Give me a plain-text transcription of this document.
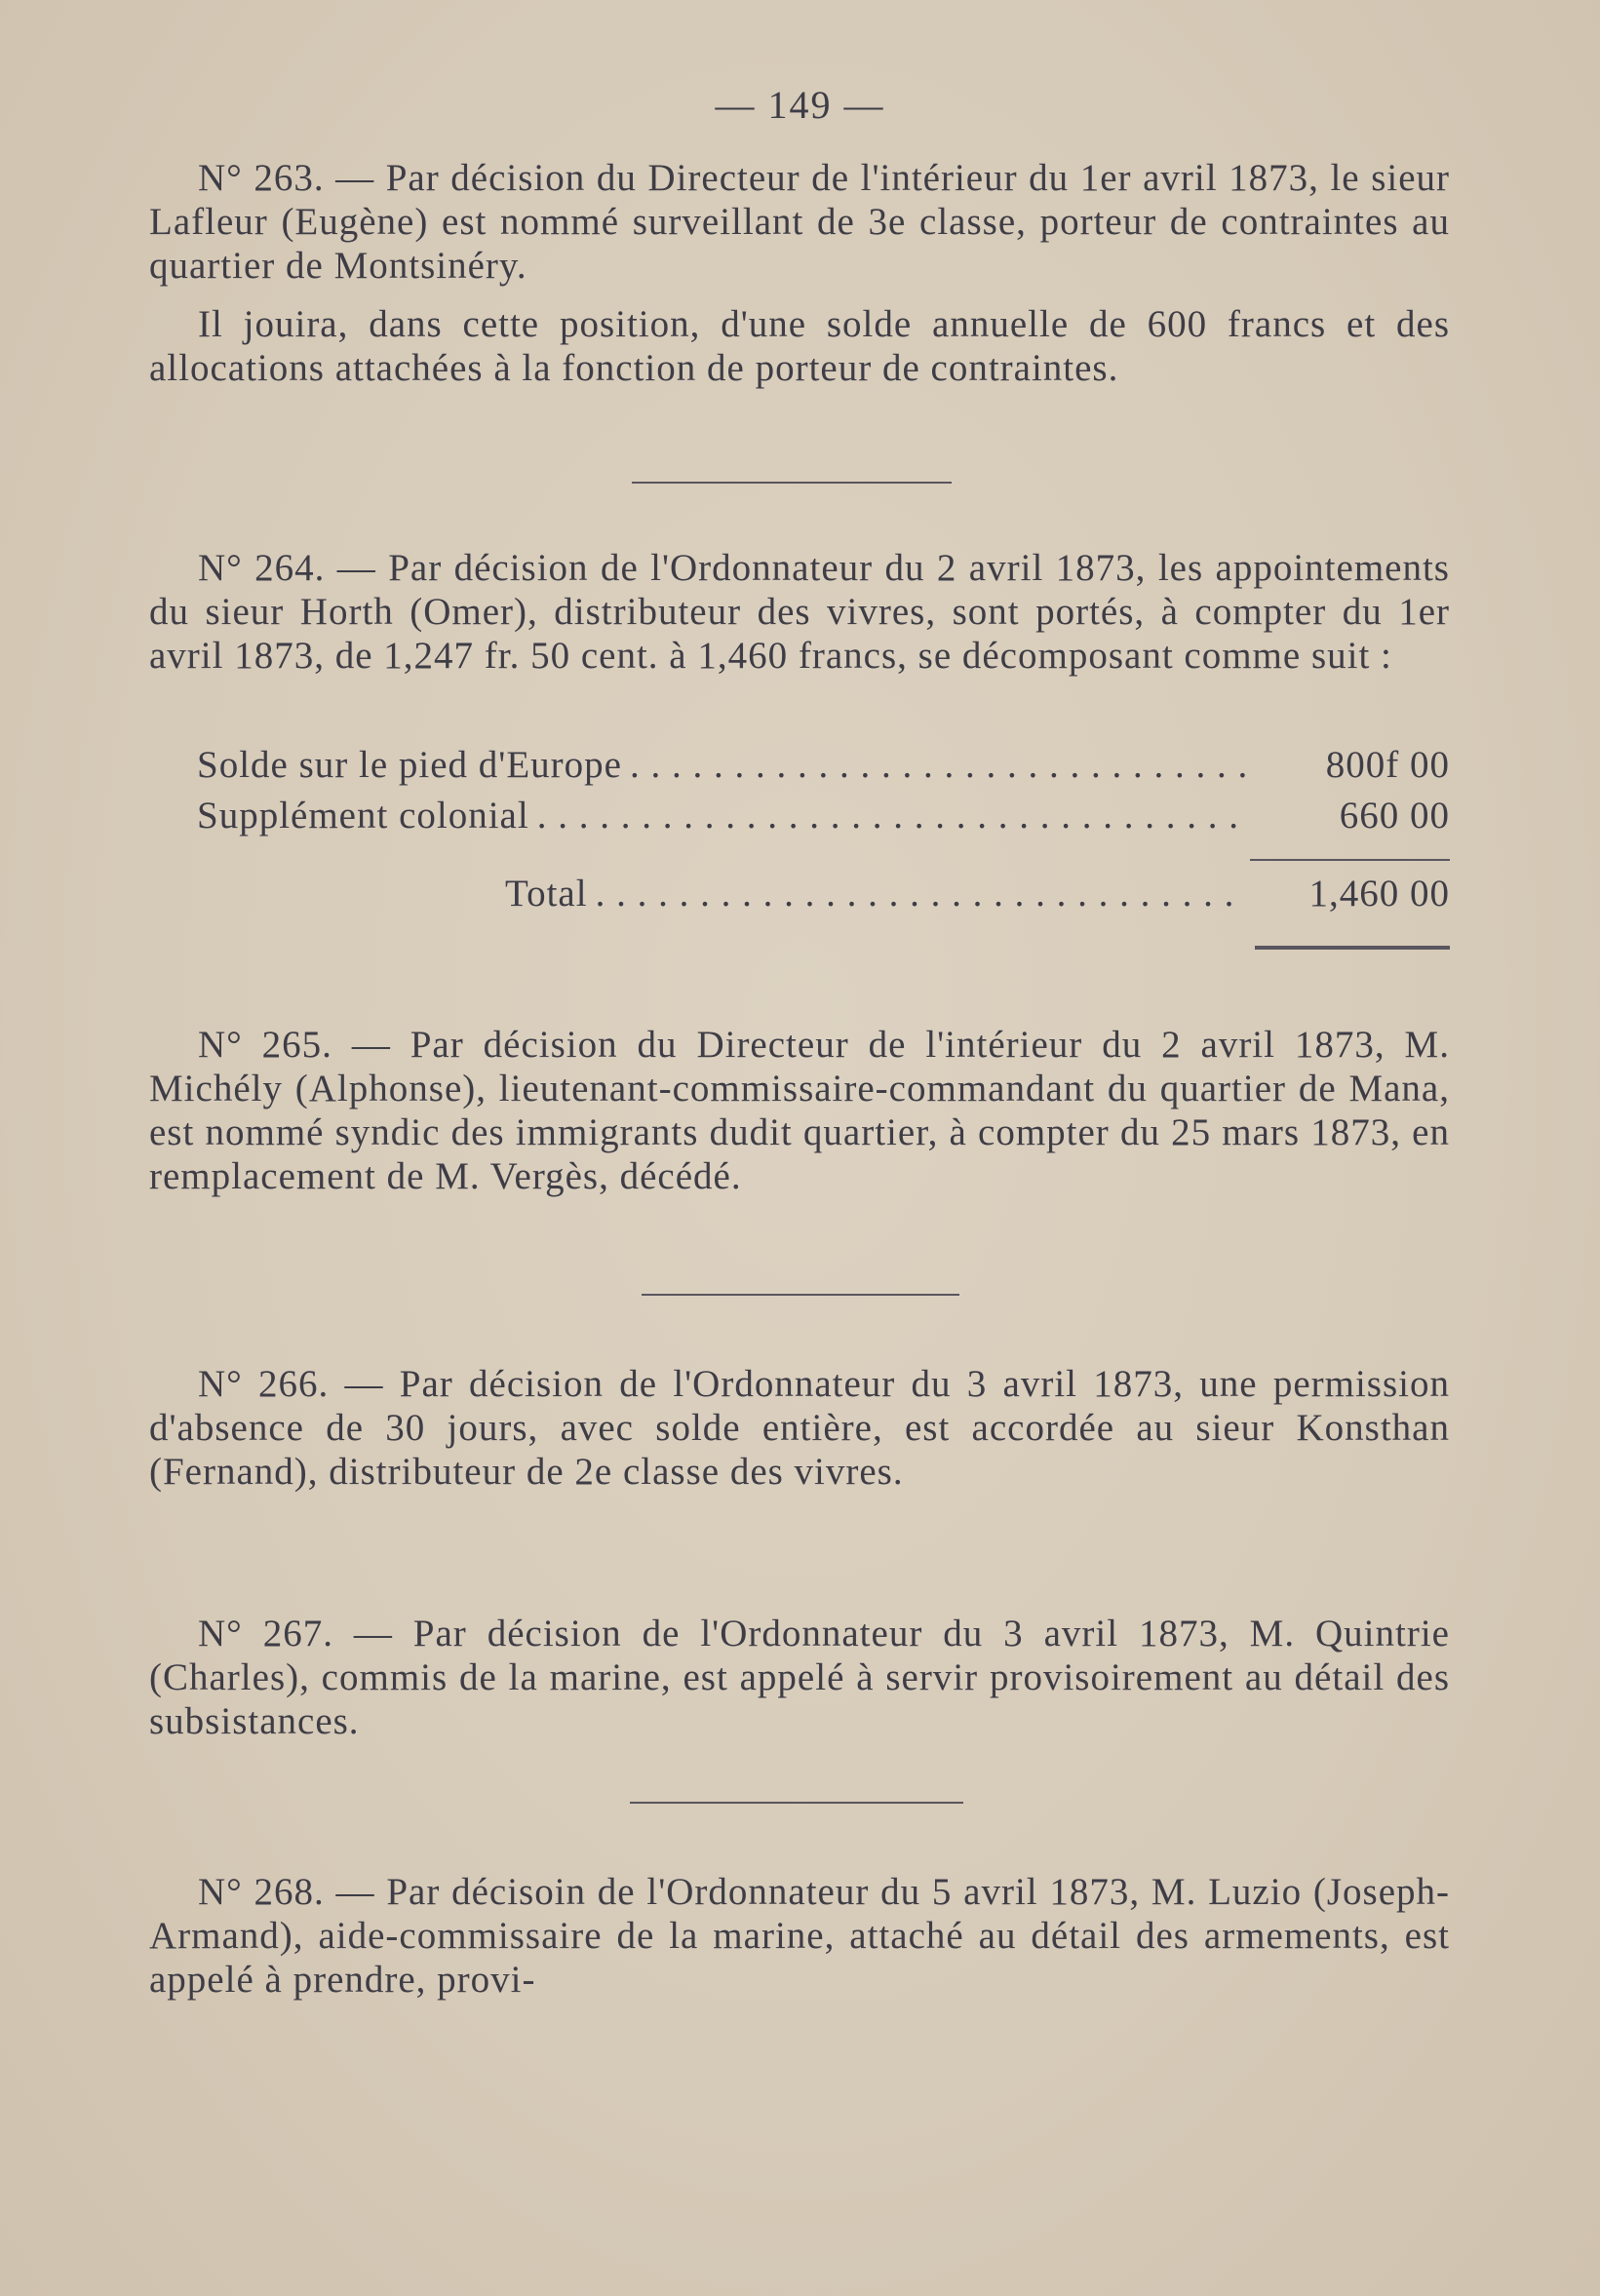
— 149 —

N° 263. — Par décision du Directeur de l'intérieur du 1er avril 1873, le sieur Lafleur (Eugène) est nommé surveillant de 3e classe, porteur de contraintes au quartier de Montsinéry.

Il jouira, dans cette position, d'une solde annuelle de 600 francs et des allocations attachées à la fonction de porteur de contraintes.

N° 264. — Par décision de l'Ordonnateur du 2 avril 1873, les appointements du sieur Horth (Omer), distributeur des vivres, sont portés, à compter du 1er avril 1873, de 1,247 fr. 50 cent. à 1,460 francs, se décomposant comme suit :

Solde sur le pied d'Europe . . .	800f 00
Supplément colonial . . .	660 00
Total . . .	1,460 00

N° 265. — Par décision du Directeur de l'intérieur du 2 avril 1873, M. Michély (Alphonse), lieutenant-commissaire-commandant du quartier de Mana, est nommé syndic des immigrants dudit quartier, à compter du 25 mars 1873, en remplacement de M. Vergès, décédé.

N° 266. — Par décision de l'Ordonnateur du 3 avril 1873, une permission d'absence de 30 jours, avec solde entière, est accordée au sieur Konsthan (Fernand), distributeur de 2e classe des vivres.

N° 267. — Par décision de l'Ordonnateur du 3 avril 1873, M. Quintrie (Charles), commis de la marine, est appelé à servir provisoirement au détail des subsistances.

N° 268. — Par décisoin de l'Ordonnateur du 5 avril 1873, M. Luzio (Joseph-Armand), aide-commissaire de la marine, attaché au détail des armements, est appelé à prendre, provi-
